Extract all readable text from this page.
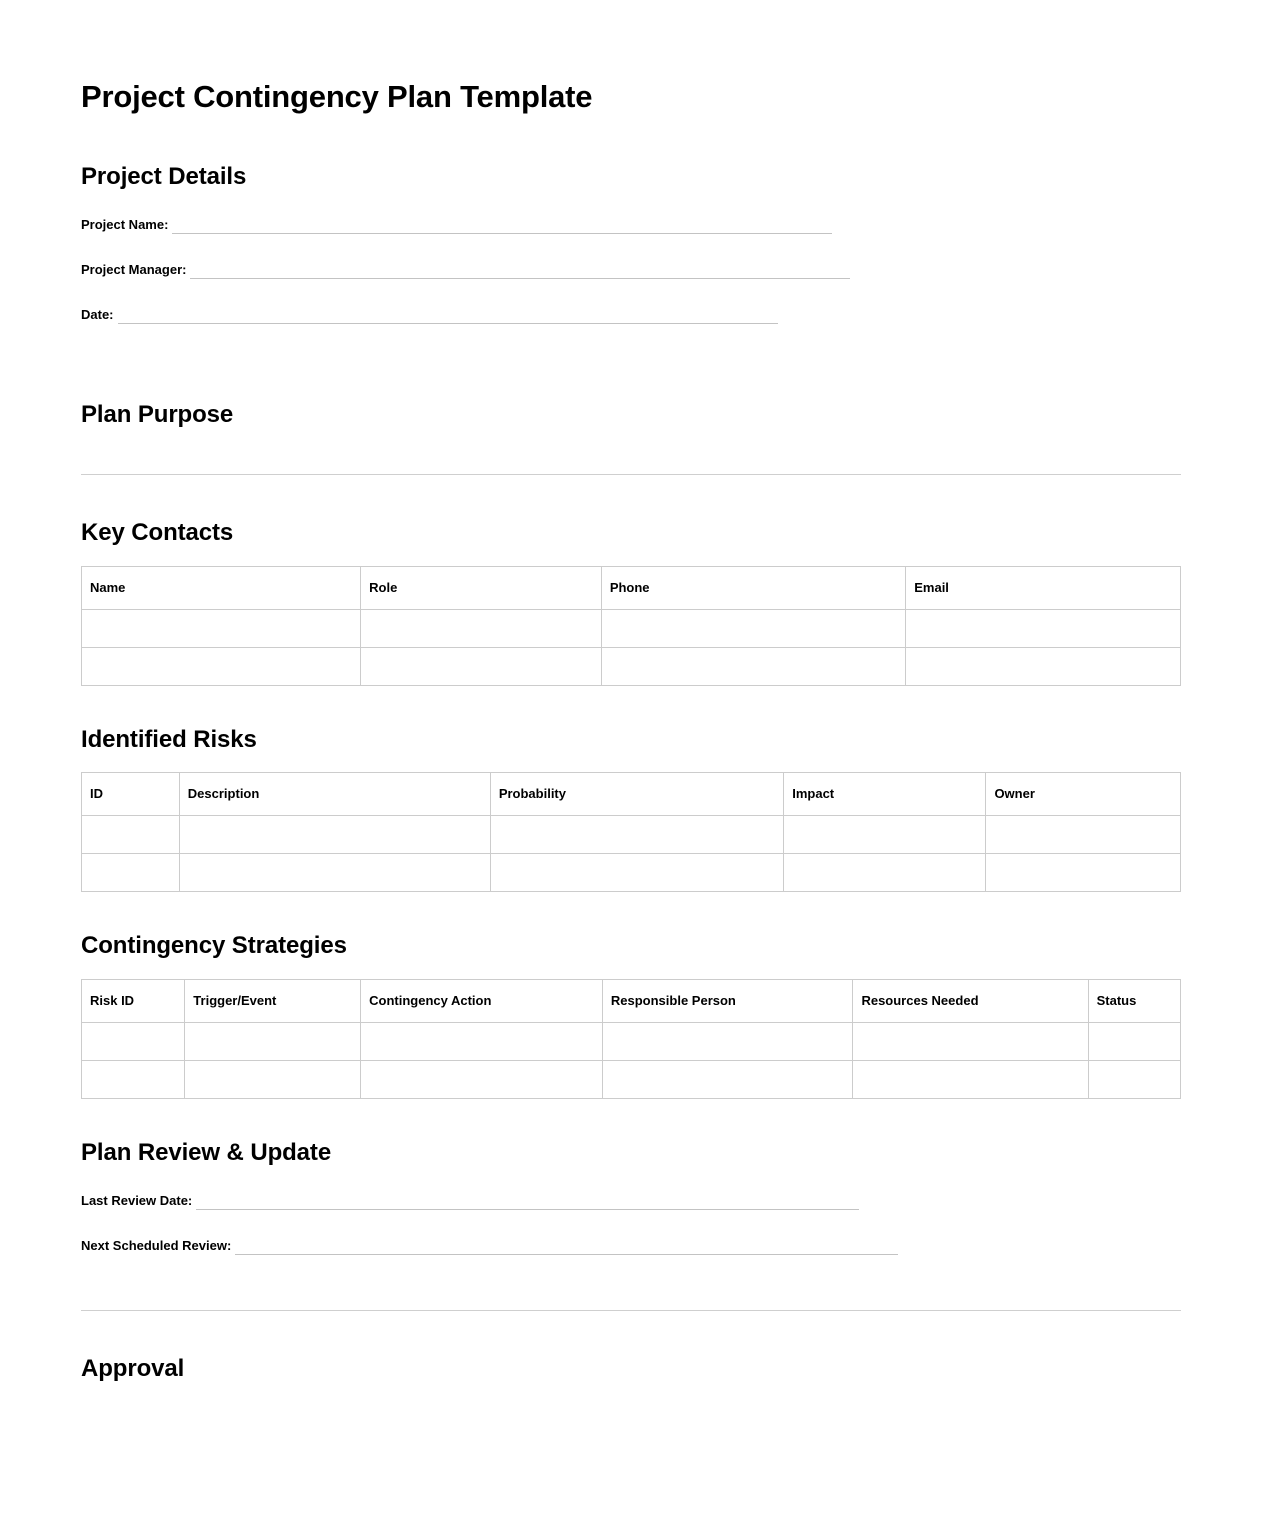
Project Contingency Plan Template
Project Details
Project Name:
Project Manager:
Date:
Plan Purpose
Key Contacts
Name	Role	Phone	Email

Identified Risks
ID	Description	Probability	Impact	Owner

Contingency Strategies
Risk ID	Trigger/Event	Contingency Action	Responsible Person	Resources Needed	Status

Plan Review & Update
Last Review Date:
Next Scheduled Review:
Approval
